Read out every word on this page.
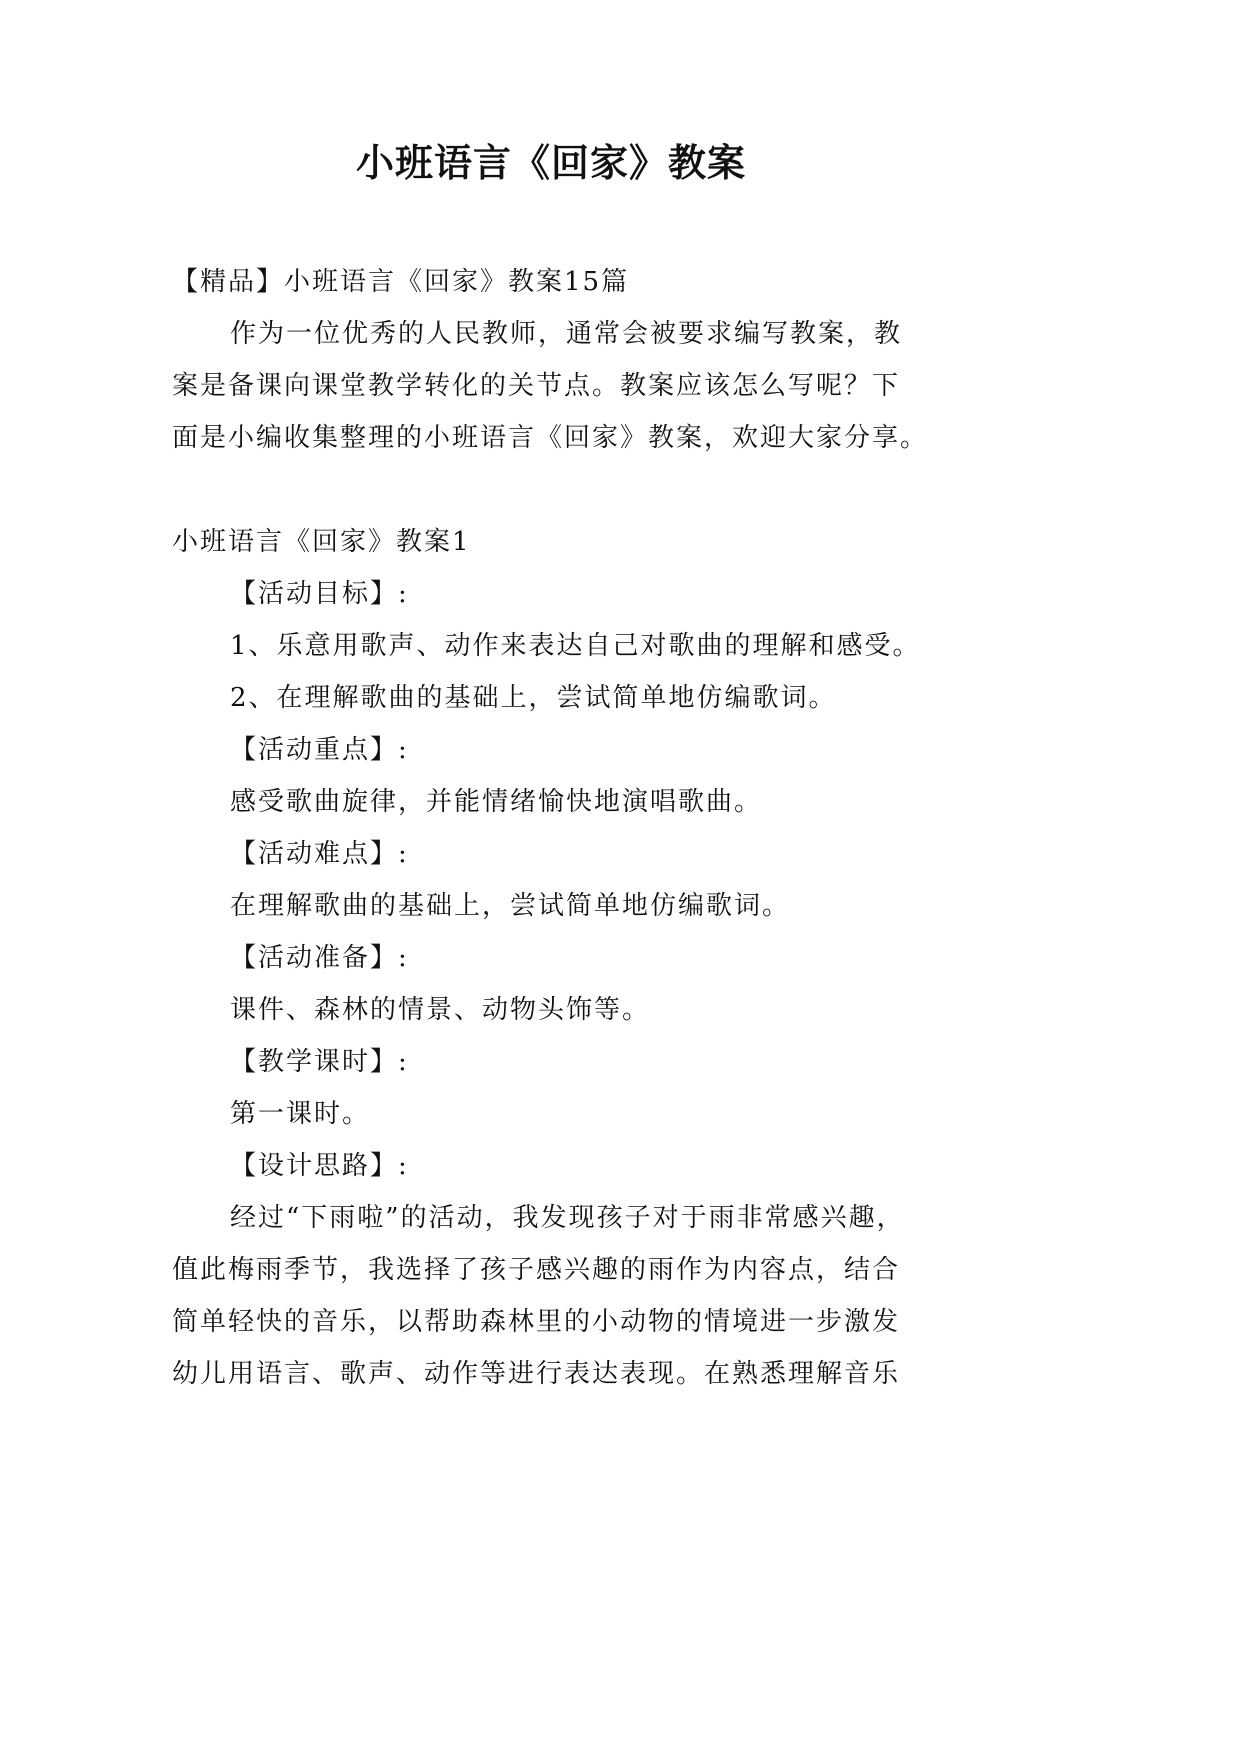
小班语言《回家》教案
【精品】小班语言《回家》教案15篇
作为一位优秀的人民教师，通常会被要求编写教案，教
案是备课向课堂教学转化的关节点。教案应该怎么写呢？下
面是小编收集整理的小班语言《回家》教案，欢迎大家分享。
小班语言《回家》教案1
【活动目标】:
1、乐意用歌声、动作来表达自己对歌曲的理解和感受。
2、在理解歌曲的基础上，尝试简单地仿编歌词。
【活动重点】:
感受歌曲旋律，并能情绪愉快地演唱歌曲。
【活动难点】:
在理解歌曲的基础上，尝试简单地仿编歌词。
【活动准备】:
课件、森林的情景、动物头饰等。
【教学课时】:
第一课时。
【设计思路】:
经过“下雨啦”的活动，我发现孩子对于雨非常感兴趣，
值此梅雨季节，我选择了孩子感兴趣的雨作为内容点，结合
简单轻快的音乐，以帮助森林里的小动物的情境进一步激发
幼儿用语言、歌声、动作等进行表达表现。在熟悉理解音乐
